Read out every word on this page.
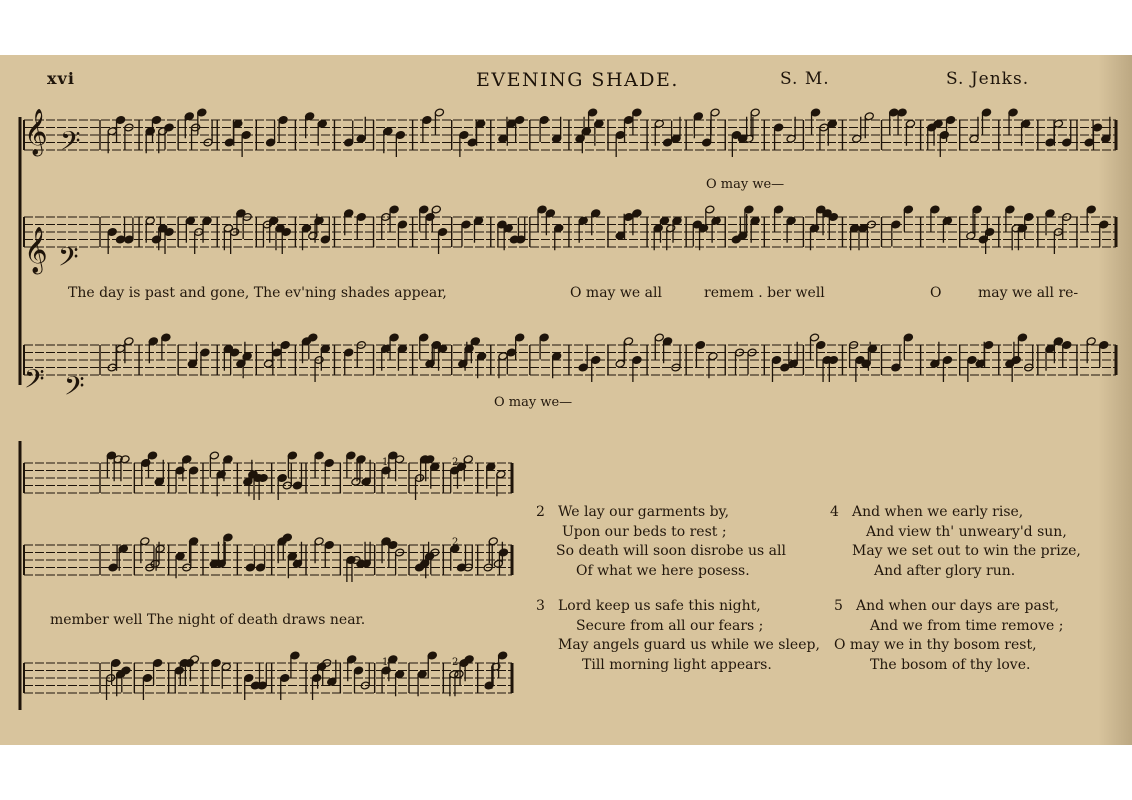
xvi	EVENING SHADE.	S. M.	S. Jenks.
𝄞
𝄞
𝄢
𝄢
𝄢
𝄢
1	2
1	2
1	2
O may we—
The day is past and gone, The ev'ning shades appear,	O may we all	remem . ber well	O	may we all re-
O may we—
member well The night of death draws near.
2 We lay our garments by,
Upon our beds to rest ;
So death will soon disrobe us all
Of what we here posess.
4 And when we early rise,
And view th' unweary'd sun,
May we set out to win the prize,
And after glory run.
3 Lord keep us safe this night,
Secure from all our fears ;
May angels guard us while we sleep,
Till morning light appears.
5 And when our days are past,
And we from time remove ;
O may we in thy bosom rest,
The bosom of thy love.
